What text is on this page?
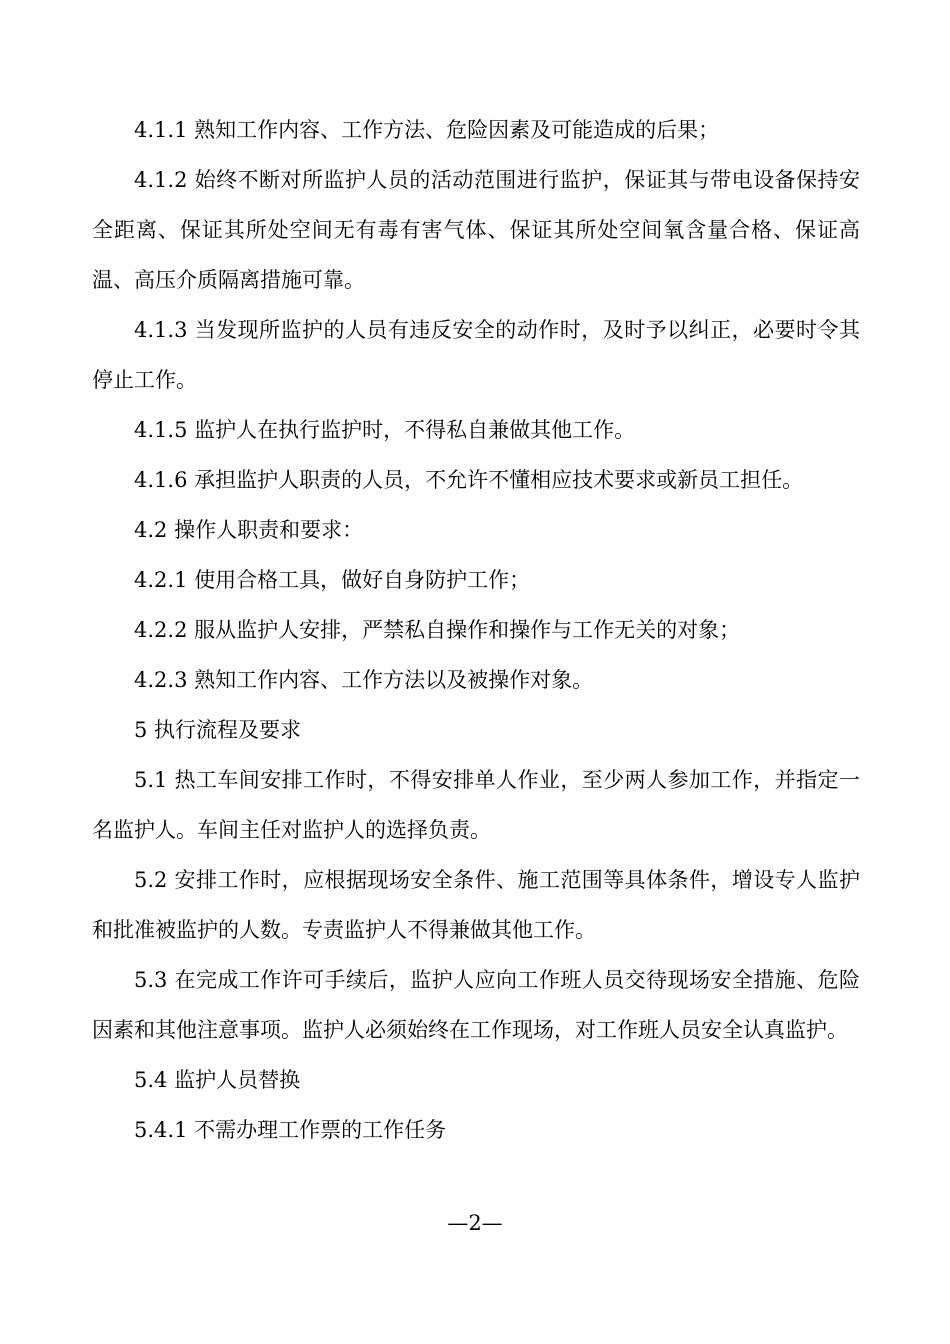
4.1.1 熟知工作内容、工作方法、危险因素及可能造成的后果；

4.1.2 始终不断对所监护人员的活动范围进行监护，保证其与带电设备保持安全距离、保证其所处空间无有毒有害气体、保证其所处空间氧含量合格、保证高温、高压介质隔离措施可靠。

4.1.3 当发现所监护的人员有违反安全的动作时，及时予以纠正，必要时令其停止工作。

4.1.5 监护人在执行监护时，不得私自兼做其他工作。

4.1.6 承担监护人职责的人员，不允许不懂相应技术要求或新员工担任。

4.2 操作人职责和要求：

4.2.1 使用合格工具，做好自身防护工作；

4.2.2 服从监护人安排，严禁私自操作和操作与工作无关的对象；

4.2.3 熟知工作内容、工作方法以及被操作对象。

5 执行流程及要求

5.1 热工车间安排工作时，不得安排单人作业，至少两人参加工作，并指定一名监护人。车间主任对监护人的选择负责。

5.2 安排工作时，应根据现场安全条件、施工范围等具体条件，增设专人监护和批准被监护的人数。专责监护人不得兼做其他工作。

5.3 在完成工作许可手续后，监护人应向工作班人员交待现场安全措施、危险因素和其他注意事项。监护人必须始终在工作现场，对工作班人员安全认真监护。

5.4 监护人员替换

5.4.1 不需办理工作票的工作任务

—2—
